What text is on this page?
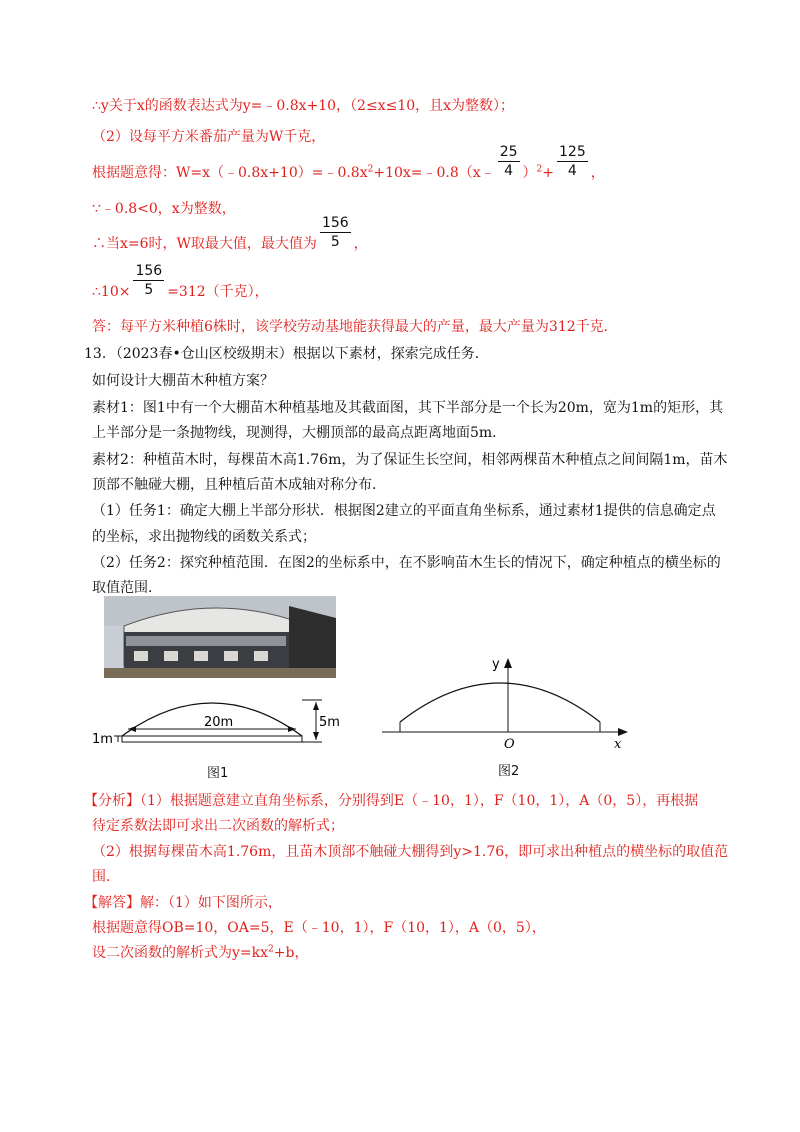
∴y关于x的函数表达式为y=﹣0.8x+10，（2≤x≤10，且x为整数）；
（2）设每平方米番茄产量为W千克，
根据题意得：$W=x(﹣0.8x+10)=﹣0.8x^2+10x=﹣0.8(x﹣ \frac{25}{4} )^2+ \frac{125}{4}$ ，
∵﹣0.8<0，x为整数，
∴当x=6时，W取最大值，最大值为 $\frac{156}{5}$ ，
∴10× $\frac{156}{5} =312$（千克），
答：每平方米种植6株时，该学校劳动基地能获得最大的产量，最大产量为312千克．
13．（2023春•仓山区校级期末）根据以下素材，探索完成任务．
如何设计大棚苗木种植方案？
素材1：图1中有一个大棚苗木种植基地及其截面图，其下半部分是一个长为20m，宽为1m的矩形，其
上半部分是一条抛物线，现测得，大棚顶部的最高点距离地面5m．
素材2：种植苗木时，每棵苗木高1.76m，为了保证生长空间，相邻两棵苗木种植点之间间隔1m，苗木
顶部不触碰大棚，且种植后苗木成轴对称分布．
（1）任务1：确定大棚上半部分形状．根据图2建立的平面直角坐标系，通过素材1提供的信息确定点
的坐标，求出抛物线的函数关系式；
（2）任务2：探究种植范围．在图2的坐标系中，在不影响苗木生长的情况下，确定种植点的横坐标的
取值范围．
20m	5m
1m
图1
y
x
O
图2
【分析】（1）根据题意建立直角坐标系，分别得到E（﹣10，1），F（10，1），A（0，5），再根据
待定系数法即可求出二次函数的解析式；
（2）根据每棵苗木高1.76m，且苗木顶部不触碰大棚得到y>1.76，即可求出种植点的横坐标的取值范
围．
【解答】解：（1）如下图所示，
根据题意得OB=10，OA=5，E（﹣10，1），F（10，1），A（0，5），
设二次函数的解析式为$y=kx^2+b$，
